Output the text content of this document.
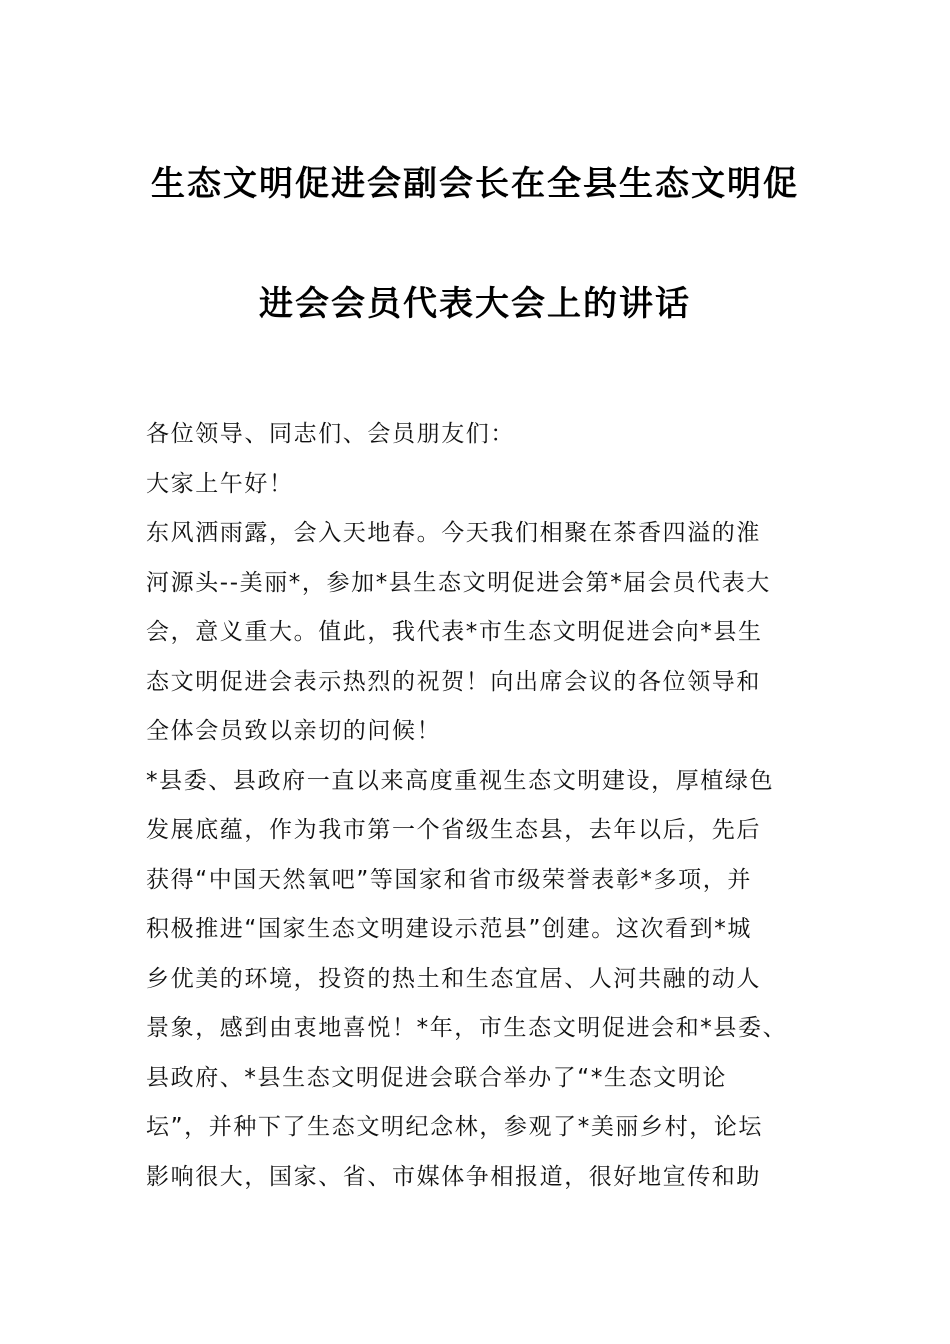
生态文明促进会副会长在全县生态文明促
进会会员代表大会上的讲话
各位领导、同志们、会员朋友们：
大家上午好！
东风洒雨露，会入天地春。今天我们相聚在茶香四溢的淮
河源头--美丽*，参加*县生态文明促进会第*届会员代表大
会，意义重大。值此，我代表*市生态文明促进会向*县生
态文明促进会表示热烈的祝贺！向出席会议的各位领导和
全体会员致以亲切的问候！
*县委、县政府一直以来高度重视生态文明建设，厚植绿色
发展底蕴，作为我市第一个省级生态县，去年以后，先后
获得“中国天然氧吧”等国家和省市级荣誉表彰*多项，并
积极推进“国家生态文明建设示范县”创建。这次看到*城
乡优美的环境，投资的热土和生态宜居、人河共融的动人
景象，感到由衷地喜悦！*年，市生态文明促进会和*县委、
县政府、*县生态文明促进会联合举办了“*生态文明论
坛”，并种下了生态文明纪念林，参观了*美丽乡村，论坛
影响很大，国家、省、市媒体争相报道，很好地宣传和助
